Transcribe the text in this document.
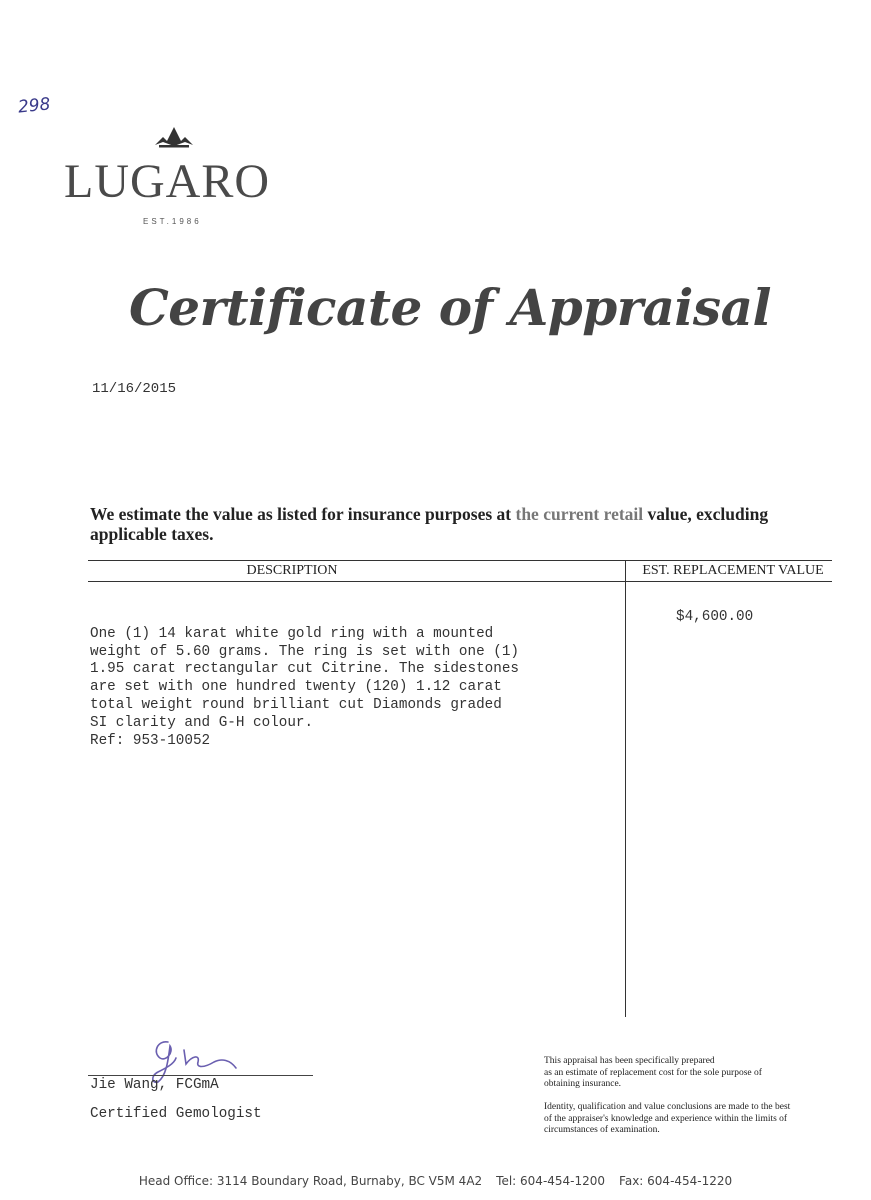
298
LUGARO
EST.1986
Certificate of Appraisal
11/16/2015
We estimate the value as listed for insurance purposes at the current retail value, excluding applicable taxes.
DESCRIPTION	EST. REPLACEMENT VALUE

One (1) 14 karat white gold ring with a mounted
weight of 5.60 grams. The ring is set with one (1)
1.95 carat rectangular cut Citrine. The sidestones
are set with one hundred twenty (120) 1.12 carat
total weight round brilliant cut Diamonds graded
SI clarity and G-H colour.
Ref: 953-10052
$4,600.00
Jie Wang, FCGmA
Certified Gemologist
This appraisal has been specifically prepared
as an estimate of replacement cost for the sole purpose of
obtaining insurance.
Identity, qualification and value conclusions are made to the best
of the appraiser's knowledge and experience within the limits of
circumstances of examination.
Head Office: 3114 Boundary Road, Burnaby, BC V5M 4A2 Tel: 604-454-1200 Fax: 604-454-1220
